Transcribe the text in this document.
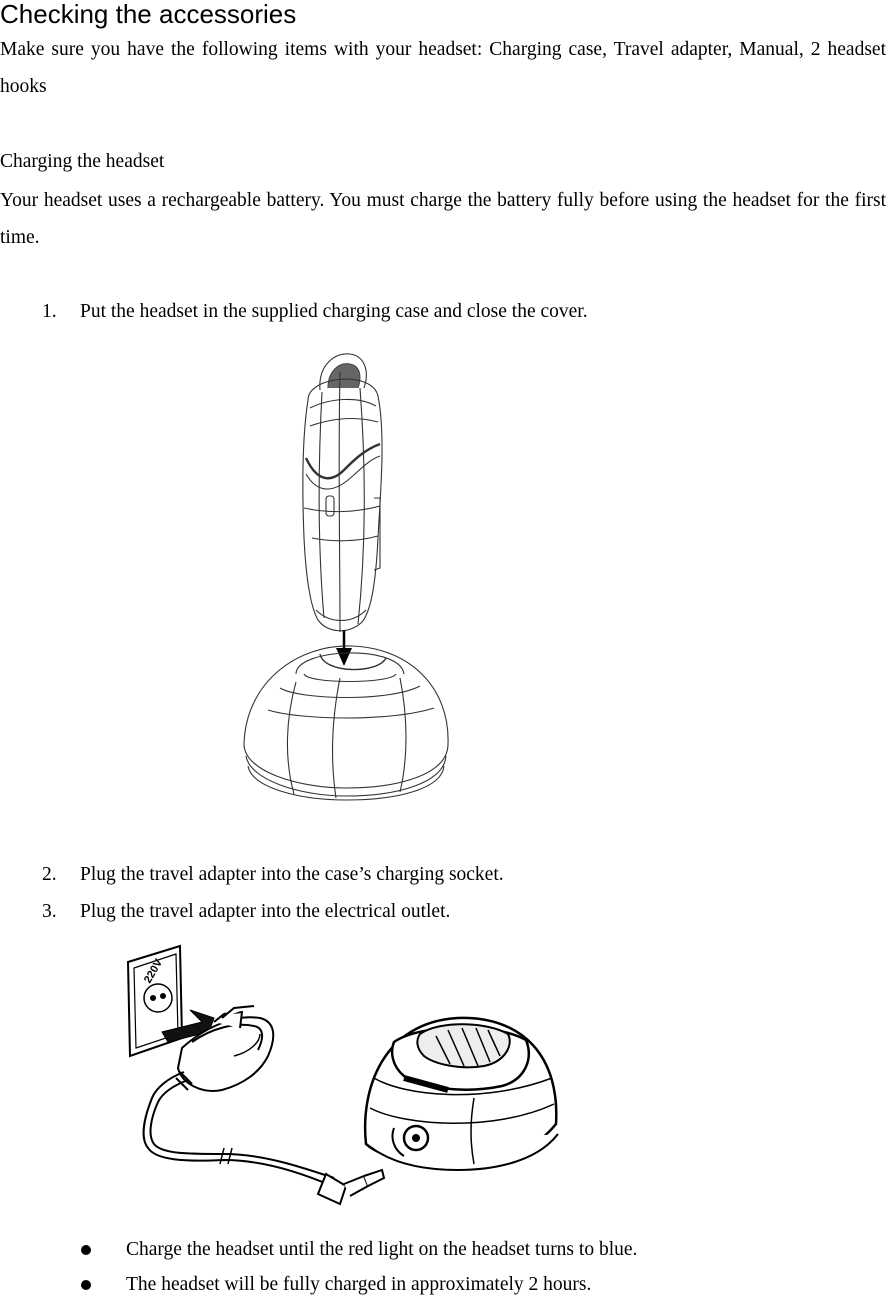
Checking the accessories
Make sure you have the following items with your headset: Charging case, Travel adapter, Manual, 2 headset hooks
Charging the headset
Your headset uses a rechargeable battery. You must charge the battery fully before using the headset for the first time.
1. Put the headset in the supplied charging case and close the cover.
2. Plug the travel adapter into the case’s charging socket.
3. Plug the travel adapter into the electrical outlet.
220V
Charge the headset until the red light on the headset turns to blue.
The headset will be fully charged in approximately 2 hours.
